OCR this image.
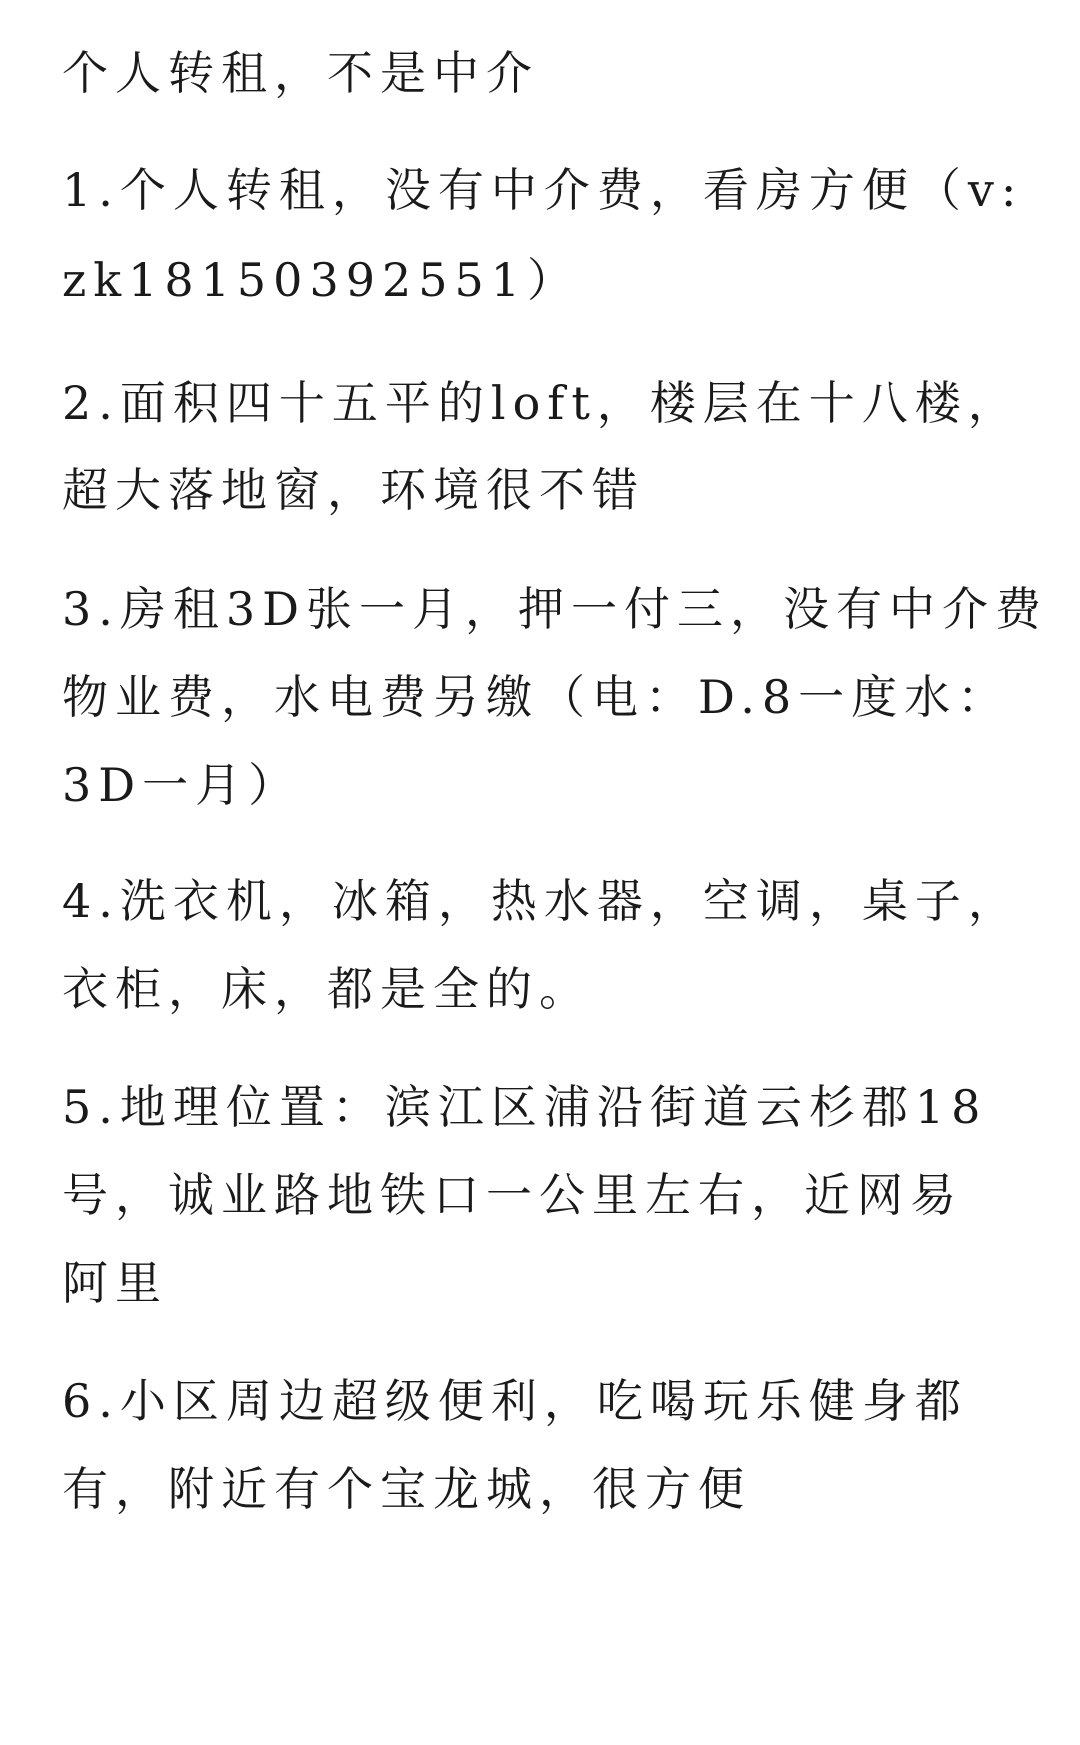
个人转租，不是中介
1.个人转租，没有中介费，看房方便（v:
zk18150392551）
2.面积四十五平的loft，楼层在十八楼，
超大落地窗，环境很不错
3.房租3D张一月，押一付三，没有中介费
物业费，水电费另缴（电：D.8一度水：
3D一月）
4.洗衣机，冰箱，热水器，空调，桌子，
衣柜，床，都是全的。
5.地理位置：滨江区浦沿街道云杉郡18
号，诚业路地铁口一公里左右，近网易
阿里
6.小区周边超级便利，吃喝玩乐健身都
有，附近有个宝龙城，很方便
